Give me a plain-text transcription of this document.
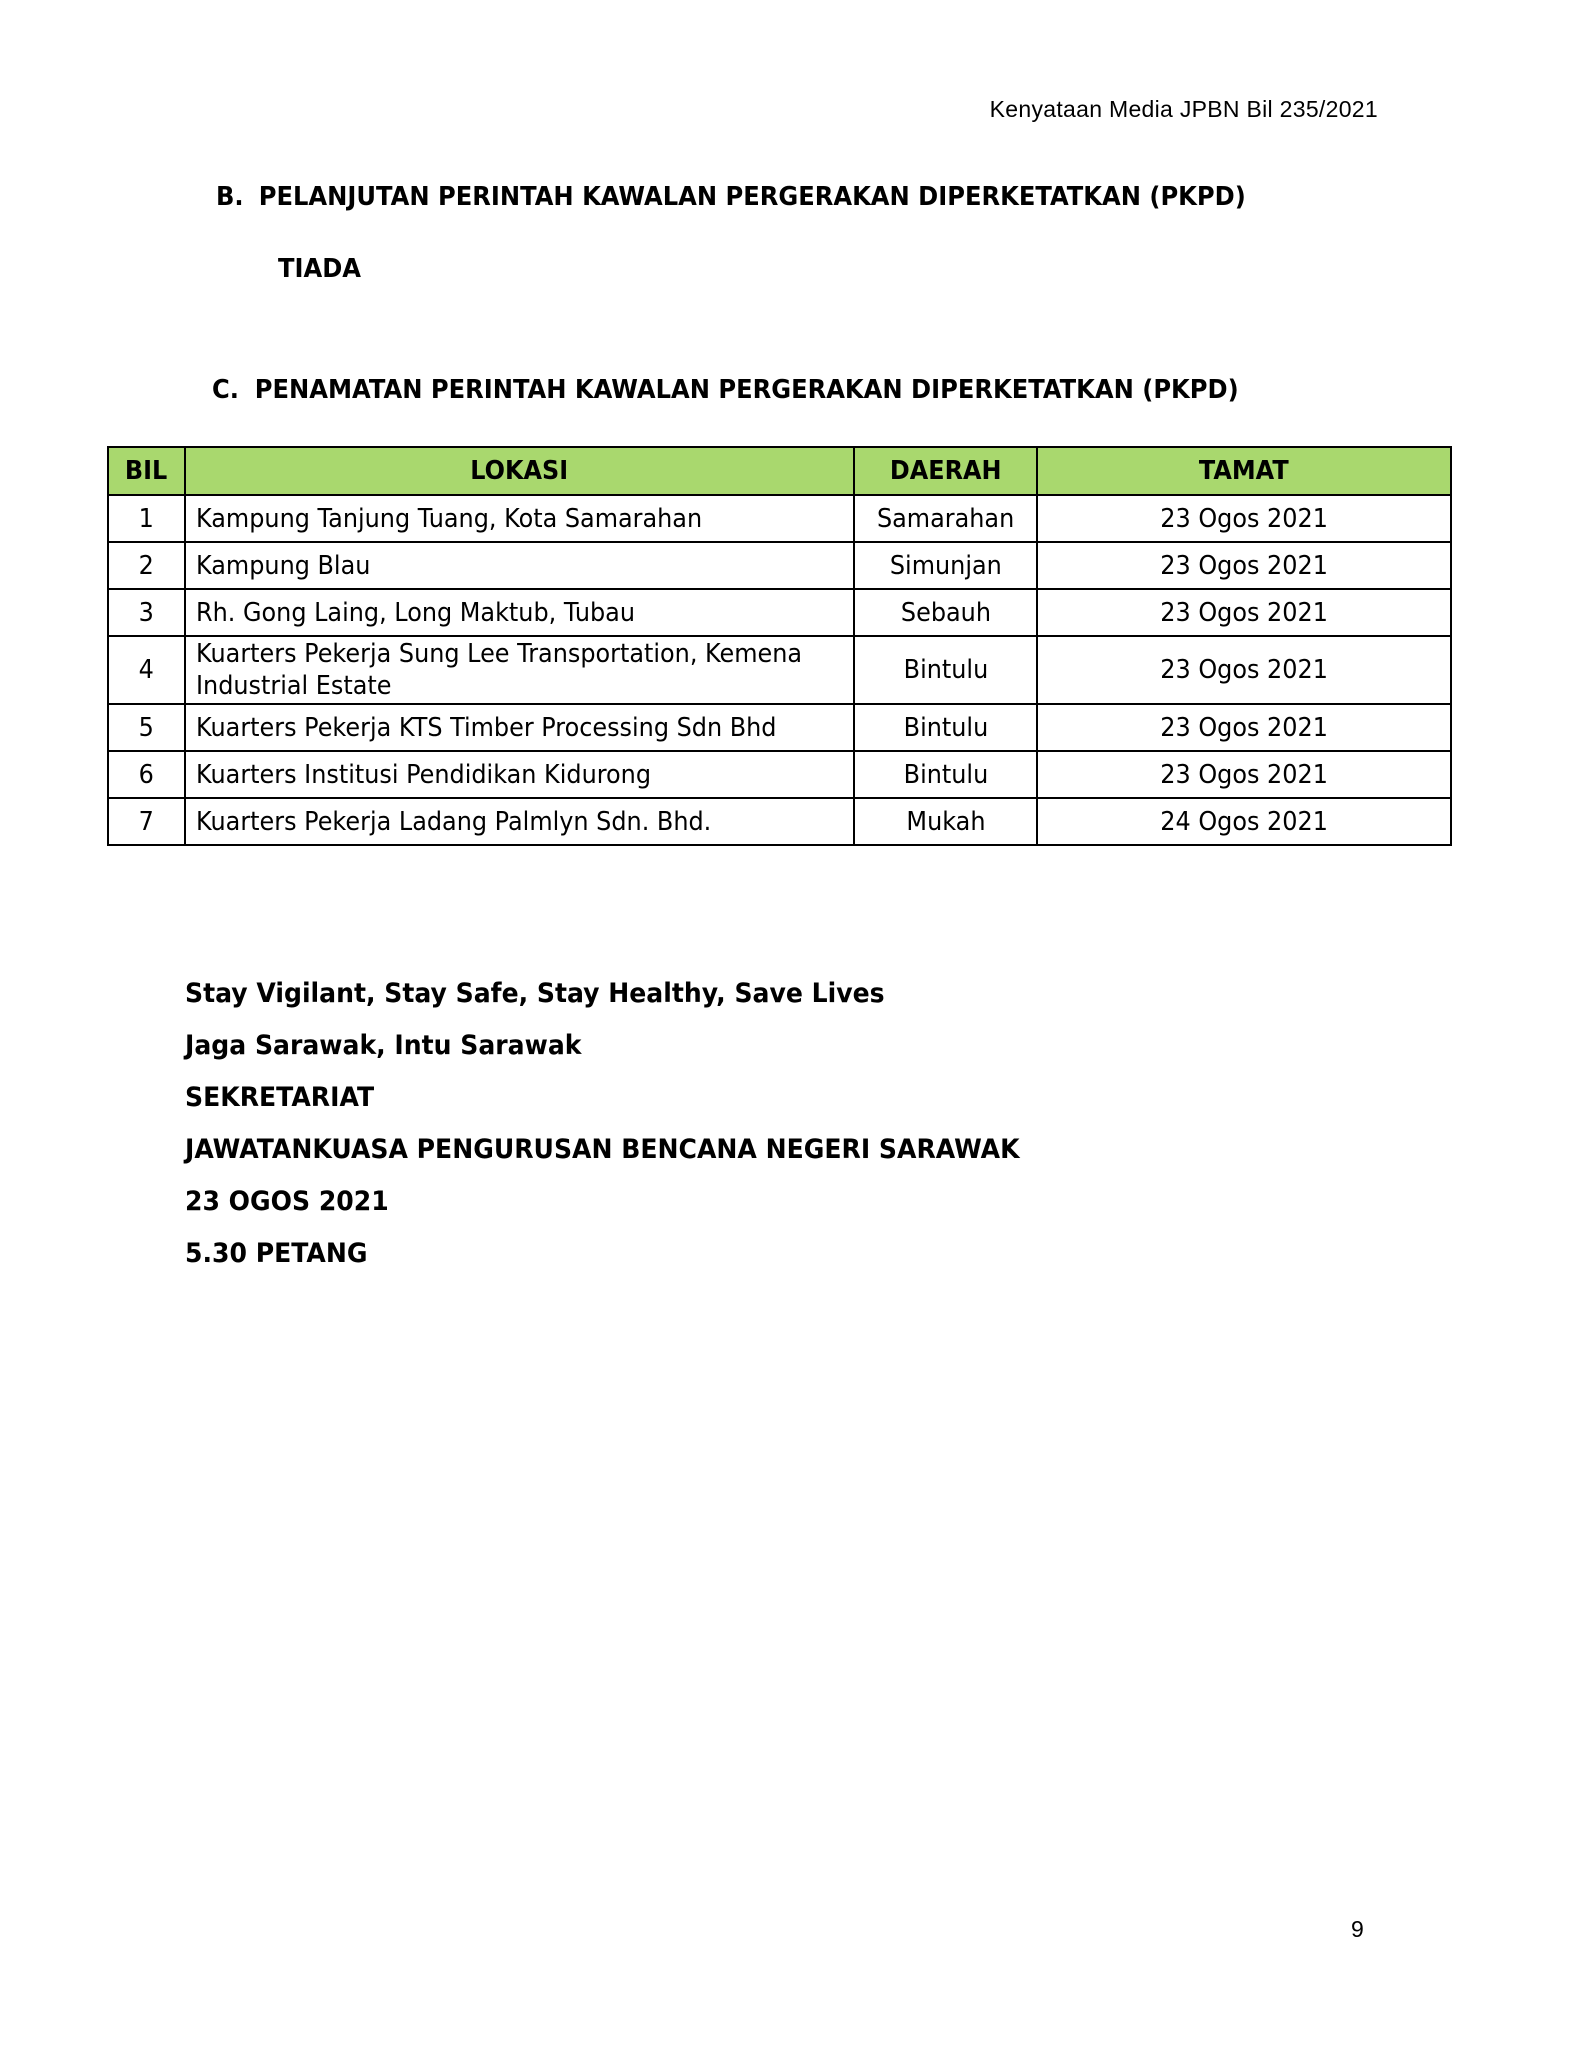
Kenyataan Media JPBN Bil 235/2021
B. PELANJUTAN PERINTAH KAWALAN PERGERAKAN DIPERKETATKAN (PKPD)
TIADA
C. PENAMATAN PERINTAH KAWALAN PERGERAKAN DIPERKETATKAN (PKPD)
BIL	LOKASI	DAERAH	TAMAT
1	Kampung Tanjung Tuang, Kota Samarahan	Samarahan	23 Ogos 2021
2	Kampung Blau	Simunjan	23 Ogos 2021
3	Rh. Gong Laing, Long Maktub, Tubau	Sebauh	23 Ogos 2021
4	Kuarters Pekerja Sung Lee Transportation, Kemena Industrial Estate	Bintulu	23 Ogos 2021
5	Kuarters Pekerja KTS Timber Processing Sdn Bhd	Bintulu	23 Ogos 2021
6	Kuarters Institusi Pendidikan Kidurong	Bintulu	23 Ogos 2021
7	Kuarters Pekerja Ladang Palmlyn Sdn. Bhd.	Mukah	24 Ogos 2021
Stay Vigilant, Stay Safe, Stay Healthy, Save Lives
Jaga Sarawak, Intu Sarawak
SEKRETARIAT
JAWATANKUASA PENGURUSAN BENCANA NEGERI SARAWAK
23 OGOS 2021
5.30 PETANG
9
